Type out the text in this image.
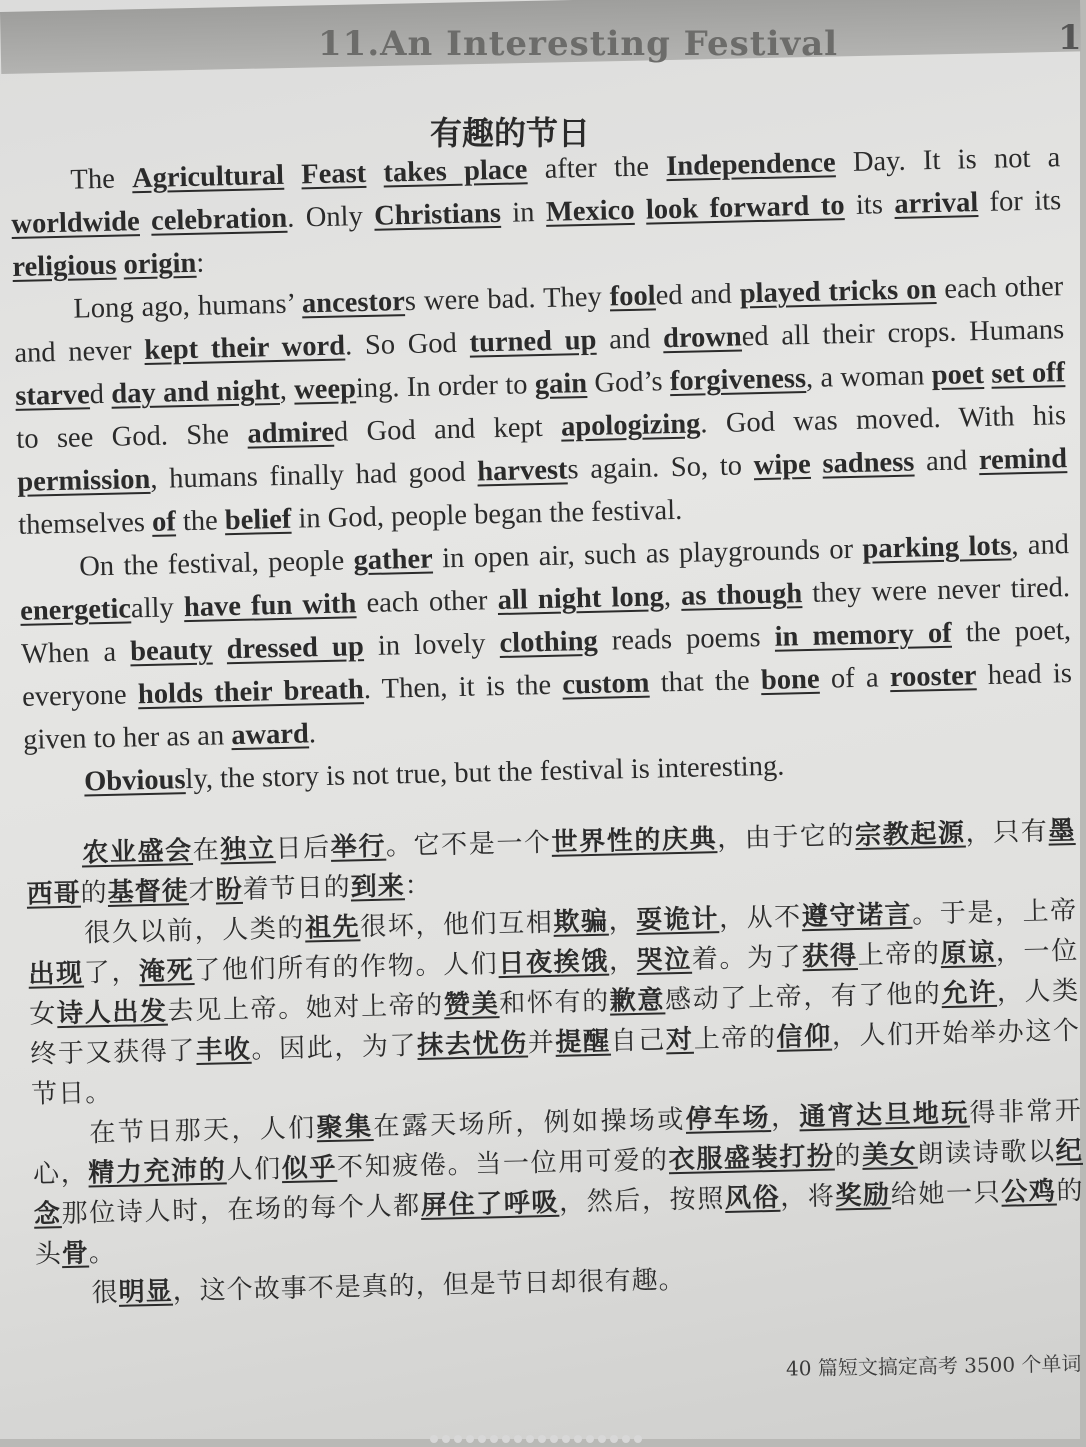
11.An Interesting Festival	1
有趣的节日

The Agricultural Feast takes place after the Independence Day. It is not a worldwide celebration. Only Christians in Mexico look forward to its arrival for its religious origin:

Long ago, humans’ ancestors were bad. They fooled and played tricks on each other and never kept their word. So God turned up and drowned all their crops. Humans starved day and night, weeping. In order to gain God’s forgiveness, a woman poet set off to see God. She admired God and kept apologizing. God was moved. With his permission, humans finally had good harvests again. So, to wipe sadness and remind themselves of the belief in God, people began the festival.

On the festival, people gather in open air, such as playgrounds or parking lots, and energetically have fun with each other all night long, as though they were never tired. When a beauty dressed up in lovely clothing reads poems in memory of the poet, everyone holds their breath. Then, it is the custom that the bone of a rooster head is given to her as an award.

Obviously, the story is not true, but the festival is interesting.

农业盛会在独立日后举行。它不是一个世界性的庆典，由于它的宗教起源，只有墨西哥的基督徒才盼着节日的到来：

很久以前，人类的祖先很坏，他们互相欺骗，耍诡计，从不遵守诺言。于是，上帝出现了，淹死了他们所有的作物。人们日夜挨饿，哭泣着。为了获得上帝的原谅，一位女诗人出发去见上帝。她对上帝的赞美和怀有的歉意感动了上帝，有了他的允许，人类终于又获得了丰收。因此，为了抹去忧伤并提醒自己对上帝的信仰，人们开始举办这个节日。

在节日那天，人们聚集在露天场所，例如操场或停车场，通宵达旦地玩得非常开心，精力充沛的人们似乎不知疲倦。当一位用可爱的衣服盛装打扮的美女朗读诗歌以纪念那位诗人时，在场的每个人都屏住了呼吸，然后，按照风俗，将奖励给她一只公鸡的头骨。

很明显，这个故事不是真的，但是节日却很有趣。

40 篇短文搞定高考 3500 个单词
